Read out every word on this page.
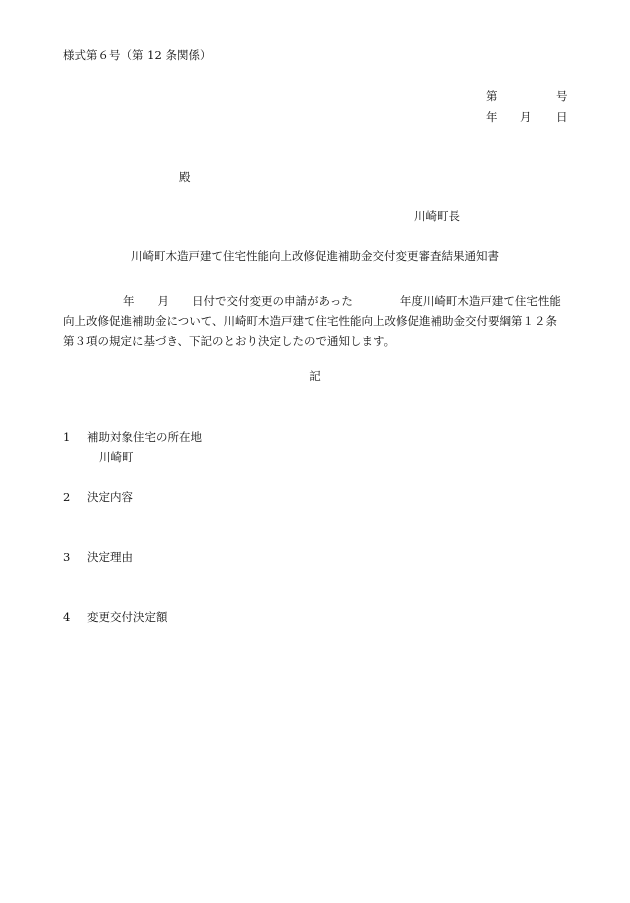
様式第６号（第 12 条関係）
第	号
年 月 日
殿
川崎町長
川崎町木造戸建て住宅性能向上改修促進補助金交付変更審査結果通知書
年 月 日付で交付変更の申請があった	年度川崎町木造戸建て住宅性能
向上改修促進補助金について、川崎町木造戸建て住宅性能向上改修促進補助金交付要綱第１２条
第３項の規定に基づき、下記のとおり決定したので通知します。
記
1 補助対象住宅の所在地
川崎町
2 決定内容
3 決定理由
4 変更交付決定額
